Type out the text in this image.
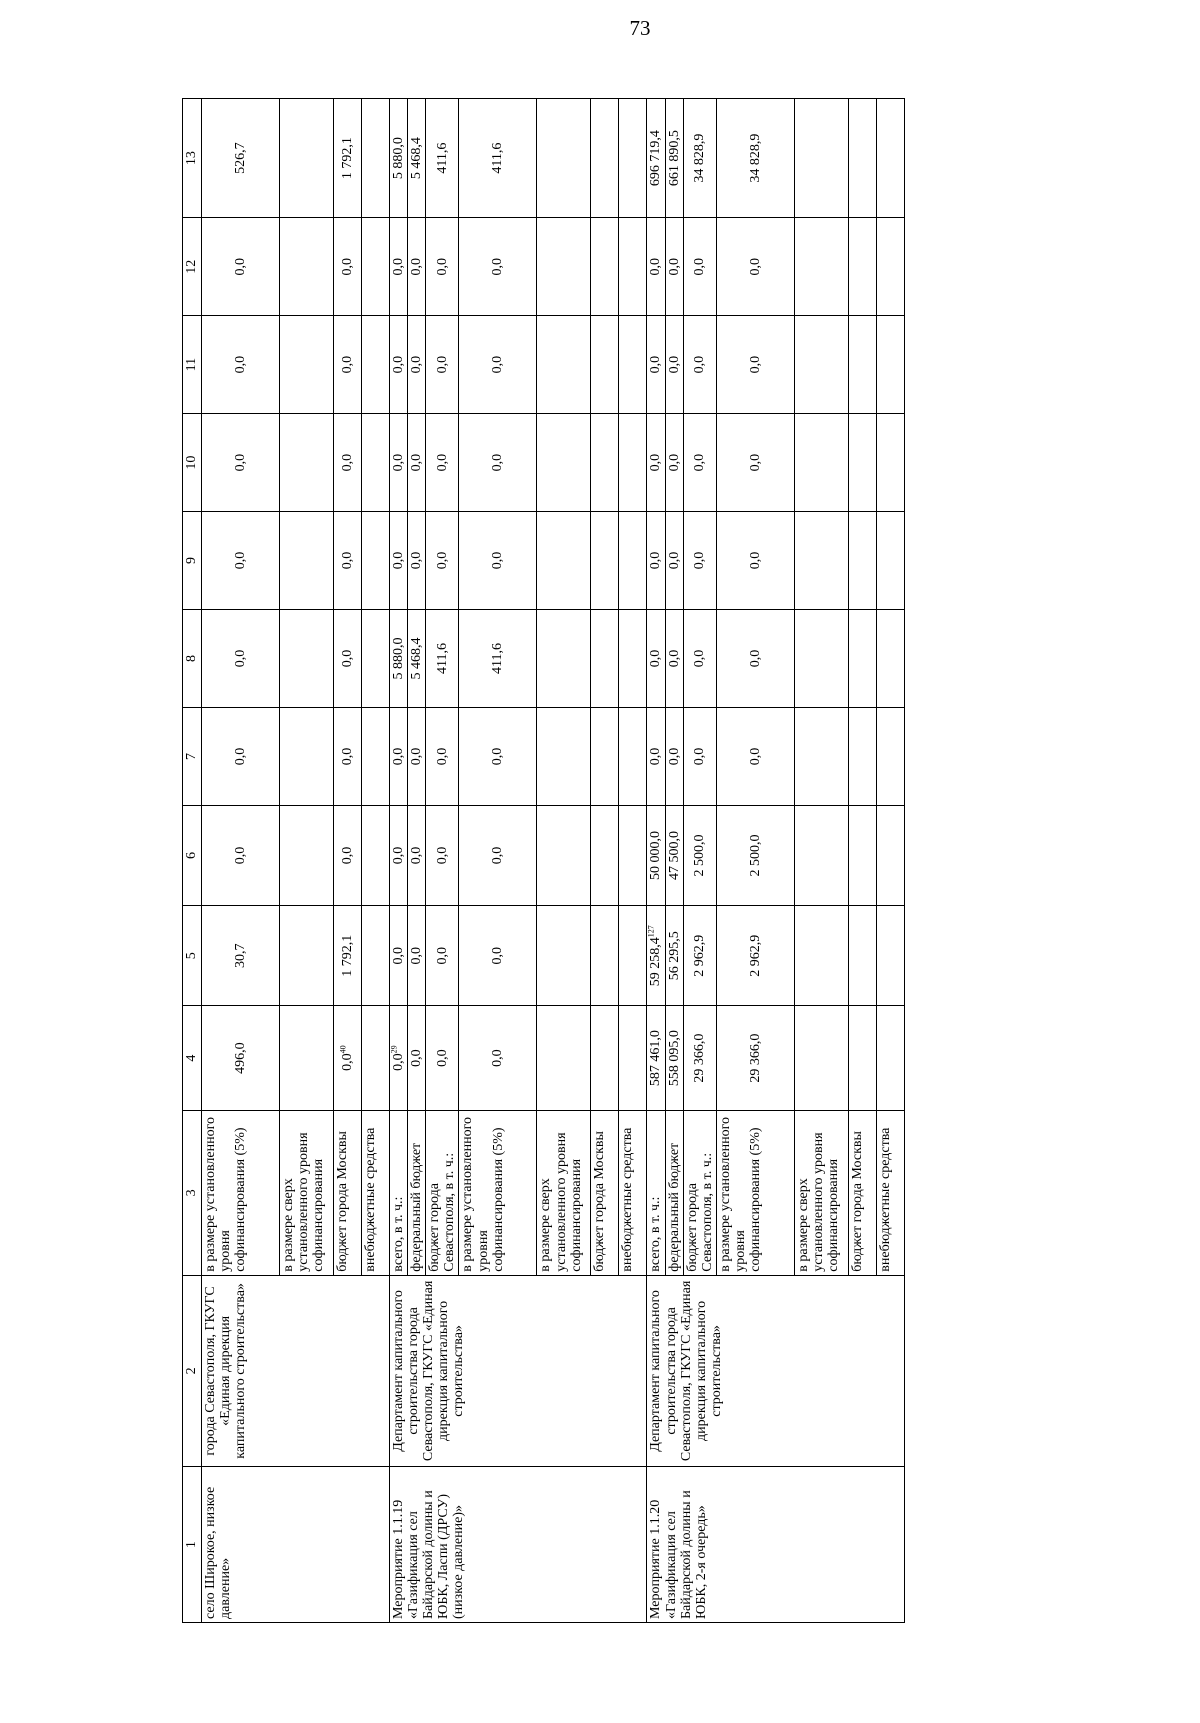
73
1	2	3	4	5	6	7	8	9	10	11	12	13
село Широкое, низкое давление»	города Севастополя, ГКУГС «Единая дирекция капитального строительства»	в размере установленного уровня софинансирования (5%)	496,0	30,7	0,0	0,0	0,0	0,0	0,0	0,0	0,0	526,7
		в размере сверх установленного уровня софинансирования										
		бюджет города Москвы	$0,0^{40}$	1 792,1	0,0	0,0	0,0	0,0	0,0	0,0	0,0	1 792,1
		внебюджетные средства										
Мероприятие 1.1.19 «Газификация сел Байдарской долины и ЮБК, Ласпи (ДРСУ) (низкое давление)»	Департамент капитального строительства города Севастополя, ГКУГС «Единая дирекция капитального строительства»	всего, в т. ч.:	$0,0^{29}$	0,0	0,0	0,0	5 880,0	0,0	0,0	0,0	0,0	5 880,0
		федеральный бюджет	0,0	0,0	0,0	0,0	5 468,4	0,0	0,0	0,0	0,0	5 468,4
		бюджет города Севастополя, в т. ч.:	0,0	0,0	0,0	0,0	411,6	0,0	0,0	0,0	0,0	411,6
		в размере установленного уровня софинансирования (5%)	0,0	0,0	0,0	0,0	411,6	0,0	0,0	0,0	0,0	411,6
		в размере сверх установленного уровня софинансирования										
		бюджет города Москвы										
		внебюджетные средства										
Мероприятие 1.1.20 «Газификация сел Байдарской долины и ЮБК, 2-я очередь»	Департамент капитального строительства города Севастополя, ГКУГС «Единая дирекция капитального строительства»	всего, в т. ч.:	587 461,0	59 258,4$^{127}$	50 000,0	0,0	0,0	0,0	0,0	0,0	0,0	696 719,4
		федеральный бюджет	558 095,0	56 295,5	47 500,0	0,0	0,0	0,0	0,0	0,0	0,0	661 890,5
		бюджет города Севастополя, в т. ч.:	29 366,0	2 962,9	2 500,0	0,0	0,0	0,0	0,0	0,0	0,0	34 828,9
		в размере установленного уровня софинансирования (5%)	29 366,0	2 962,9	2 500,0	0,0	0,0	0,0	0,0	0,0	0,0	34 828,9
		в размере сверх установленного уровня софинансирования										
		бюджет города Москвы										
		внебюджетные средства										
